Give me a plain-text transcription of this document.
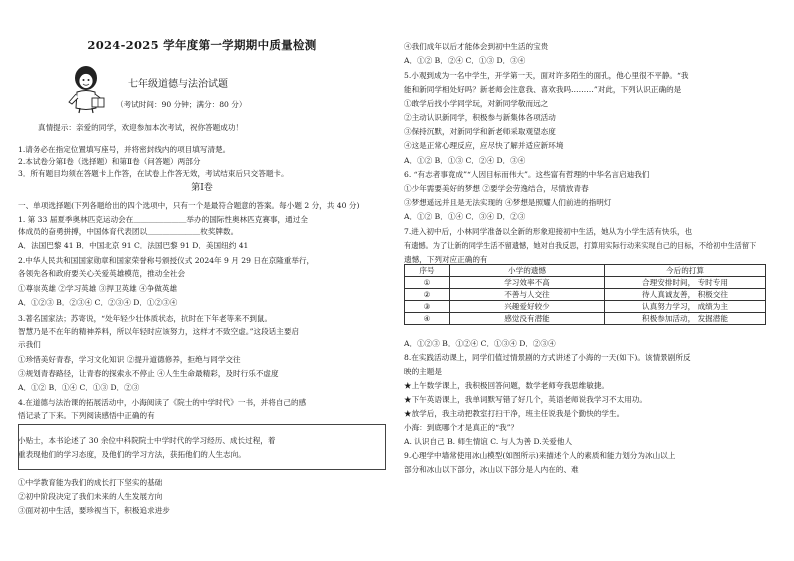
2024-2025 学年度第一学期期中质量检测
七年级道德与法治试题
（考试时间：90 分钟；满分：80 分）
真情提示：亲爱的同学，欢迎参加本次考试，祝你答题成功！
1.请务必在指定位置填写座号，并将密封线内的项目填写清楚。
2.本试卷分第Ⅰ卷（选择题）和第Ⅱ卷（问答题）两部分
3．所有题目均须在答题卡上作答，在试卷上作答无效，考试结束后只交答题卡。
第Ⅰ卷
一、单项选择题(下列各题给出的四个选项中，只有一个是最符合题意的答案。每小题 2 分，共 40 分)
1. 第 33 届夏季奥林匹克运动会在＿＿＿＿＿＿＿举办的国际性奥林匹克赛事，通过全
体成员的奋勇拼搏，中国体育代表团以＿＿＿＿＿＿＿枚奖牌数。
A．法国巴黎 41 B．中国北京 91 C．法国巴黎 91 D．美国纽约 41
2.中华人民共和国国家勋章和国家荣誉称号颁授仪式 2024年 9 月 29 日在京隆重举行，
各领先各和政府要关心关爱英雄模范，推动全社会
①尊崇英雄 ②学习英雄 ③捍卫英雄 ④争做英雄
A．①②③ B．②③④ C．②③④ D．①②③④
3.著名国家法；苏寄说，“处年轻少壮体质状态，抗时在下年老等来不到鼠。
智慧乃是不在年的精神养料，所以年轻时应该努力，这样才不致空虚。”这段话主要启
示我们
①珍惜美好青春，学习文化知识 ②提升道德修养，拒绝与同学交往
③规划青春路径，让青春的探索永不停止 ④人生生命最精彩，及时行乐不虚度
A．①② B．①④ C．①③ D．②③
4.在道德与法治课的拓展活动中，小海阅读了《院士的中学时代》一书，并将自己的感
悟记录了下来。下列阅读感悟中正确的有
小贴士，本书论述了 30 余位中科院院士中学时代的学习经历、成长过程，着
重表现他们的学习态度，及他们的学习方法，获拓他们的人生志向。
①中学教育能为我们的成长打下坚实的基础
②初中阶段决定了我们未来的人生发展方向
③面对初中生活，要珍视当下，积极追求进步
④我们成年以后才能体会到初中生活的宝贵
A．①② B．②④ C．①③ D．③④
5.小观到成为一名中学生，开学第一天，面对许多陌生的面孔，他心里很不平静。“我
能和新同学相处好吗？新老师会注意我、喜欢我吗………”对此，下列认识正确的是
①敢学后找小学同学玩，对新同学敬而远之
②主动认识新同学，积极参与新集体各项活动
③保持沉默，对新同学和新老师采取观望态度
④这是正常心理反应，应尽快了解并适应新环境
A．①② B．①③ C．②④ D．③④
6. “有志者事竟成”“人因目标而伟大”。这些富有哲理的中华名言启迪我们
①少年需要美好的梦想 ②要学会劳逸结合，尽情放青春
③梦想遥远并且是无法实现的 ④梦想是照耀人们前进的指明灯
A．①② B．①④ C．③④ D．②③
7.进入初中后，小林同学准备以全新的形象迎接初中生活，她从为小学生活有快乐，也
有遗憾。为了让新的同学生活不留遗憾，她对自我反思，打算用实际行动来实现自己的目标，不给初中生活留下
遗憾，下列对应正确的有
序号	小学的遗憾	今后的打算
①	学习效率不高	合理安排时间， 专时专用
②	不善与人交往	待人真诚友善， 积极交往
③	兴趣爱好较少	认真努力学习， 成绩为主
④	感觉没有潜能	积极参加活动， 发掘潜能
A．①②③ B．①②④ C．①③④ D．②③④
8.在实践活动课上，同学们值过情景剧的方式讲述了小海的一天(如下)。该情景剧所反
映的主题是
★上午数学课上，我积极回答问题，数学老师夸我思维敏捷。
★下午英语课上，我单词默写错了好几个，英语老师说我学习不太用功。
★放学后，我主动把教室打扫干净，班主任说我是个勤快的学生。
小海：到底哪个才是真正的“我”？
A. 认识自己 B. 师生情谊 C. 与人为善 D.关爱他人
9.心理学中墙常使用冰山模型(如图所示)来描述个人的素质和能力划分为冰山以上
部分和冰山以下部分，冰山以下部分是人内在的、难
